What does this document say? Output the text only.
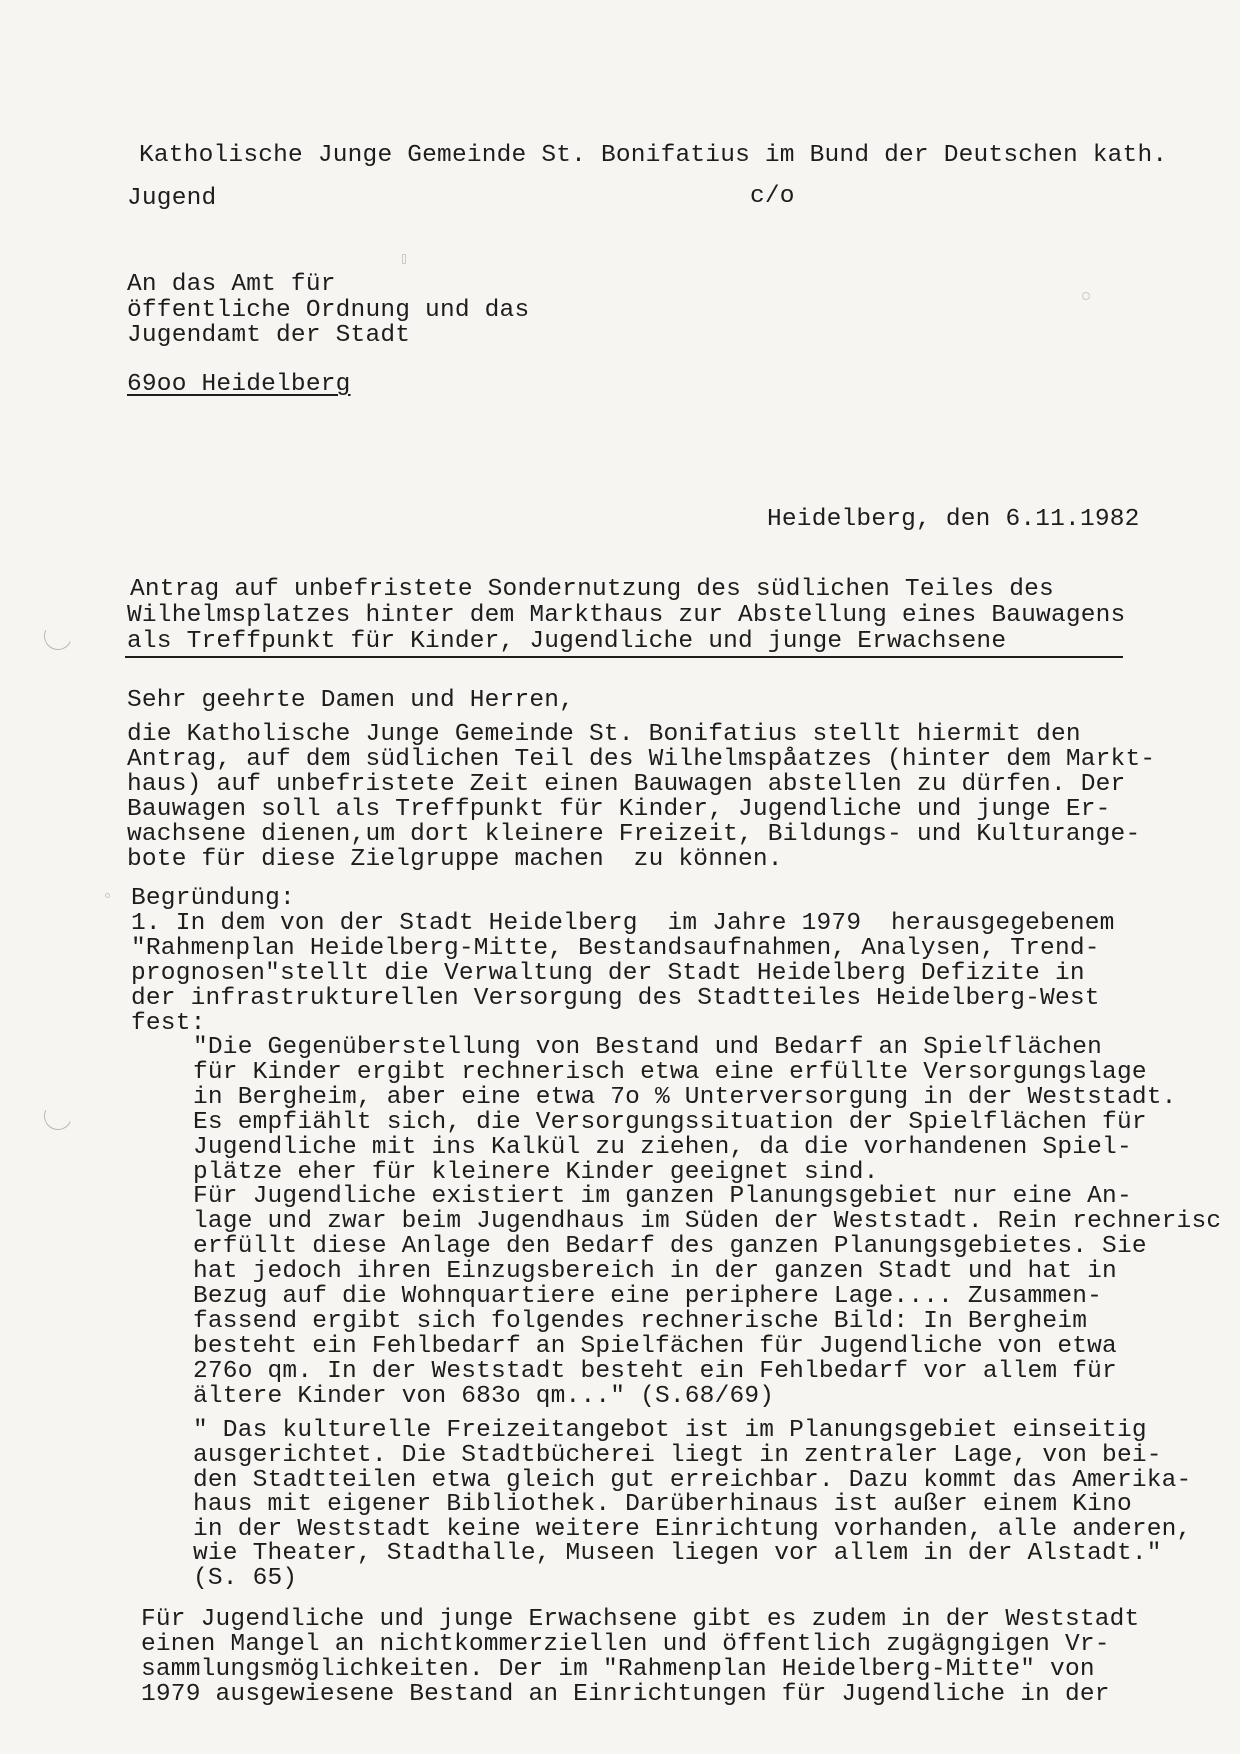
Katholische Junge Gemeinde St. Bonifatius im Bund der Deutschen kath.
Jugend	c/o
An das Amt für
öffentliche Ordnung und das
Jugendamt der Stadt
69oo Heidelberg
Heidelberg, den 6.11.1982
Antrag auf unbefristete Sondernutzung des südlichen Teiles des
Wilhelmsplatzes hinter dem Markthaus zur Abstellung eines Bauwagens
als Treffpunkt für Kinder, Jugendliche und junge Erwachsene
Sehr geehrte Damen und Herren,
die Katholische Junge Gemeinde St. Bonifatius stellt hiermit den
Antrag, auf dem südlichen Teil des Wilhelmspåatzes (hinter dem Markt-
haus) auf unbefristete Zeit einen Bauwagen abstellen zu dürfen. Der
Bauwagen soll als Treffpunkt für Kinder, Jugendliche und junge Er-
wachsene dienen,um dort kleinere Freizeit, Bildungs- und Kulturange-
bote für diese Zielgruppe machen  zu können.
Begründung:
1. In dem von der Stadt Heidelberg  im Jahre 1979  herausgegebenem
"Rahmenplan Heidelberg-Mitte, Bestandsaufnahmen, Analysen, Trend-
prognosen"stellt die Verwaltung der Stadt Heidelberg Defizite in
der infrastrukturellen Versorgung des Stadtteiles Heidelberg-West
fest:
"Die Gegenüberstellung von Bestand und Bedarf an Spielflächen
für Kinder ergibt rechnerisch etwa eine erfüllte Versorgungslage
in Bergheim, aber eine etwa 7o % Unterversorgung in der Weststadt.
Es empfiählt sich, die Versorgungssituation der Spielflächen für
Jugendliche mit ins Kalkül zu ziehen, da die vorhandenen Spiel-
plätze eher für kleinere Kinder geeignet sind.
Für Jugendliche existiert im ganzen Planungsgebiet nur eine An-
lage und zwar beim Jugendhaus im Süden der Weststadt. Rein rechnerisc
erfüllt diese Anlage den Bedarf des ganzen Planungsgebietes. Sie
hat jedoch ihren Einzugsbereich in der ganzen Stadt und hat in
Bezug auf die Wohnquartiere eine periphere Lage.... Zusammen-
fassend ergibt sich folgendes rechnerische Bild: In Bergheim
besteht ein Fehlbedarf an Spielfächen für Jugendliche von etwa
276o qm. In der Weststadt besteht ein Fehlbedarf vor allem für
ältere Kinder von 683o qm..." (S.68/69)
" Das kulturelle Freizeitangebot ist im Planungsgebiet einseitig
ausgerichtet. Die Stadtbücherei liegt in zentraler Lage, von bei-
den Stadtteilen etwa gleich gut erreichbar. Dazu kommt das Amerika-
haus mit eigener Bibliothek. Darüberhinaus ist außer einem Kino
in der Weststadt keine weitere Einrichtung vorhanden, alle anderen,
wie Theater, Stadthalle, Museen liegen vor allem in der Alstadt."
(S. 65)
Für Jugendliche und junge Erwachsene gibt es zudem in der Weststadt
einen Mangel an nichtkommerziellen und öffentlich zugägngigen Vr-
sammlungsmöglichkeiten. Der im "Rahmenplan Heidelberg-Mitte" von
1979 ausgewiesene Bestand an Einrichtungen für Jugendliche in der
